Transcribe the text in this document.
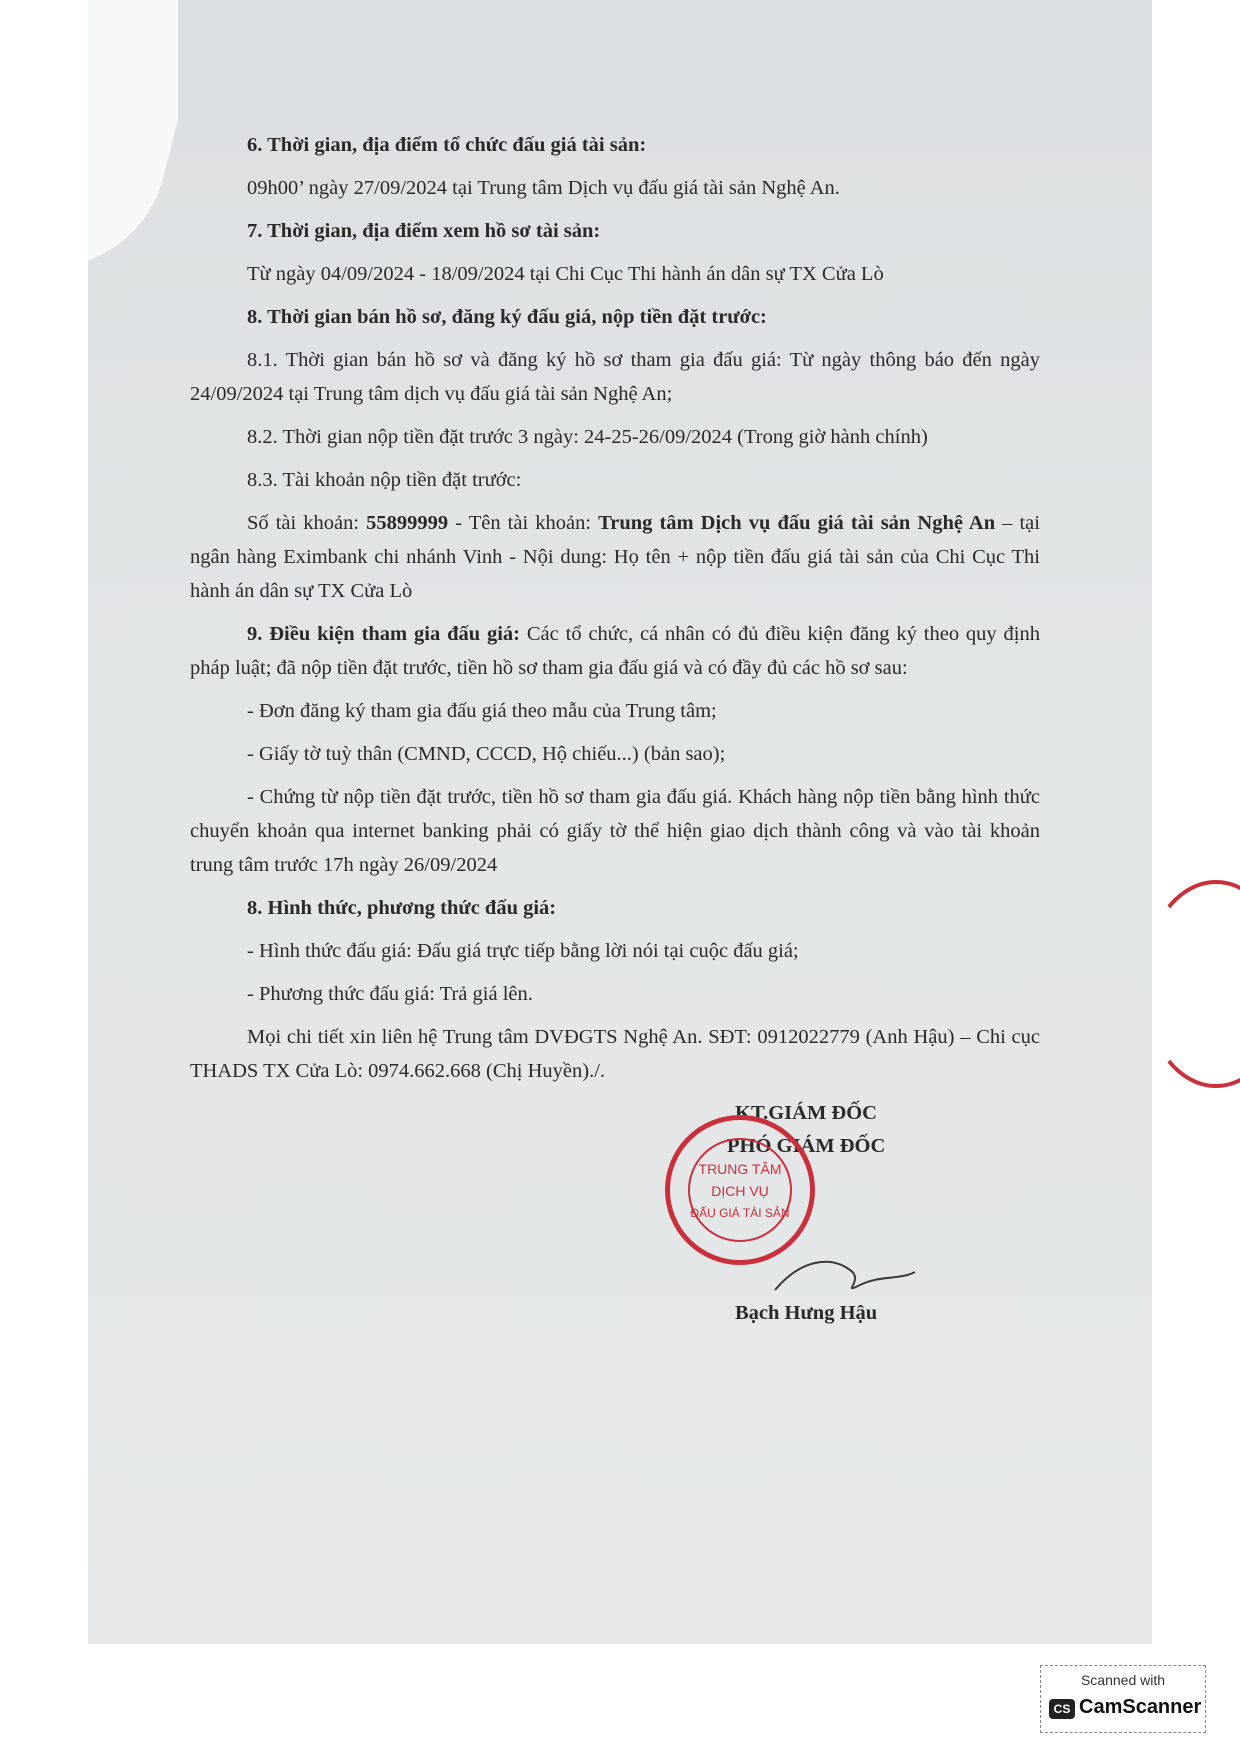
6. Thời gian, địa điểm tổ chức đấu giá tài sản:

09h00’ ngày 27/09/2024 tại Trung tâm Dịch vụ đấu giá tài sản Nghệ An.

7. Thời gian, địa điểm xem hồ sơ tài sản:

Từ ngày 04/09/2024 - 18/09/2024 tại Chi Cục Thi hành án dân sự TX Cửa Lò

8. Thời gian bán hồ sơ, đăng ký đấu giá, nộp tiền đặt trước:

8.1. Thời gian bán hồ sơ và đăng ký hồ sơ tham gia đấu giá: Từ ngày thông báo đến ngày 24/09/2024 tại Trung tâm dịch vụ đấu giá tài sản Nghệ An;

8.2. Thời gian nộp tiền đặt trước 3 ngày: 24-25-26/09/2024 (Trong giờ hành chính)

8.3. Tài khoản nộp tiền đặt trước:

Số tài khoản: 55899999 - Tên tài khoản: Trung tâm Dịch vụ đấu giá tài sản Nghệ An – tại ngân hàng Eximbank chi nhánh Vinh - Nội dung: Họ tên + nộp tiền đấu giá tài sản của Chi Cục Thi hành án dân sự TX Cửa Lò

9. Điều kiện tham gia đấu giá: Các tổ chức, cá nhân có đủ điều kiện đăng ký theo quy định pháp luật; đã nộp tiền đặt trước, tiền hồ sơ tham gia đấu giá và có đầy đủ các hồ sơ sau:

- Đơn đăng ký tham gia đấu giá theo mẫu của Trung tâm;

- Giấy tờ tuỳ thân (CMND, CCCD, Hộ chiếu...) (bản sao);

- Chứng từ nộp tiền đặt trước, tiền hồ sơ tham gia đấu giá. Khách hàng nộp tiền bằng hình thức chuyển khoản qua internet banking phải có giấy tờ thể hiện giao dịch thành công và vào tài khoản trung tâm trước 17h ngày 26/09/2024

8. Hình thức, phương thức đấu giá:

- Hình thức đấu giá: Đấu giá trực tiếp bằng lời nói tại cuộc đấu giá;

- Phương thức đấu giá: Trả giá lên.

Mọi chi tiết xin liên hệ Trung tâm DVĐGTS Nghệ An. SĐT: 0912022779 (Anh Hậu) – Chi cục THADS TX Cửa Lò: 0974.662.668 (Chị Huyền)./.

KT.GIÁM ĐỐC
PHÓ GIÁM ĐỐC
TRUNG TÂM
DỊCH VỤ
ĐẤU GIÁ TÀI SẢN
Bạch Hưng Hậu
Scanned with
CS CamScanner
